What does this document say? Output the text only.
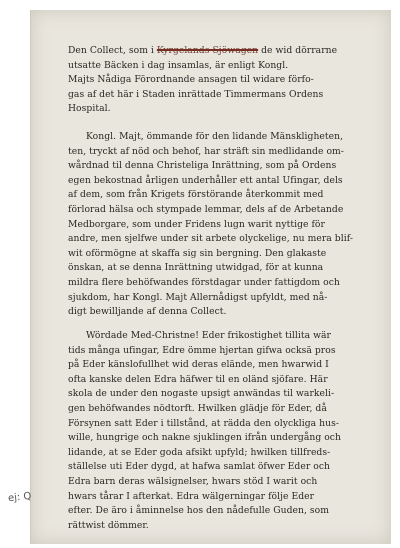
Den Collect, som i Kyrgelands Sjöwagen de wid dörrarne
utsatte Bäcken i dag insamlas, är enligt Kongl.
Majts Nådiga Förordnande ansagen til widare förfo-
gas af det här i Staden inrättade Timmermans Ordens
Hospital.
Kongl. Majt, ömmande för den lidande Mänskligheten,
ten, tryckt af nöd och behof, har sträft sin medlidande om-
wårdnad til denna Christeliga Inrättning, som på Ordens
egen bekostnad årligen underhåller ett antal Ufingar, dels
af dem, som från Krigets förstörande återkommit med
förlorad hälsa och stympade lemmar, dels af de Arbetande
Medborgare, som under Fridens lugn warit nyttige för
andre, men sjelfwe under sit arbete olyckelige, nu mera blif-
wit oförmögne at skaffa sig sin bergning. Den glakaste
önskan, at se denna Inrättning utwidgad, för at kunna
mildra flere behöfwandes förstdagar under fattigdom och
sjukdom, har Kongl. Majt Allernådigst upfyldt, med nå-
digt bewilljande af denna Collect.
Wördade Med-Christne! Eder frikostighet tillita wär
tids många ufingar, Edre ömme hjertan gifwa ocksä pros
på Eder känslofullhet wid deras elände, men hwarwid I
ofta kanske delen Edra häfwer til en oländ sjöfare. Här
skola de under den nogaste upsigt anwändas til warkeli-
gen behöfwandes nödtorft. Hwilken glädje för Eder, då
Försynen satt Eder i tillstånd, at rädda den olyckliga hus-
wille, hungrige och nakne sjuklingen ifrån undergång och
lidande, at se Eder goda afsikt upfyld; hwilken tillfreds-
ställelse uti Eder dygd, at hafwa samlat öfwer Eder och
Edra barn deras wälsignelser, hwars stöd I warit och
hwars tårar I afterkat. Edra wälgerningar följe Eder
efter. De äro i åminnelse hos den nådefulle Guden, som
rättwist dömmer.
ej: Q
